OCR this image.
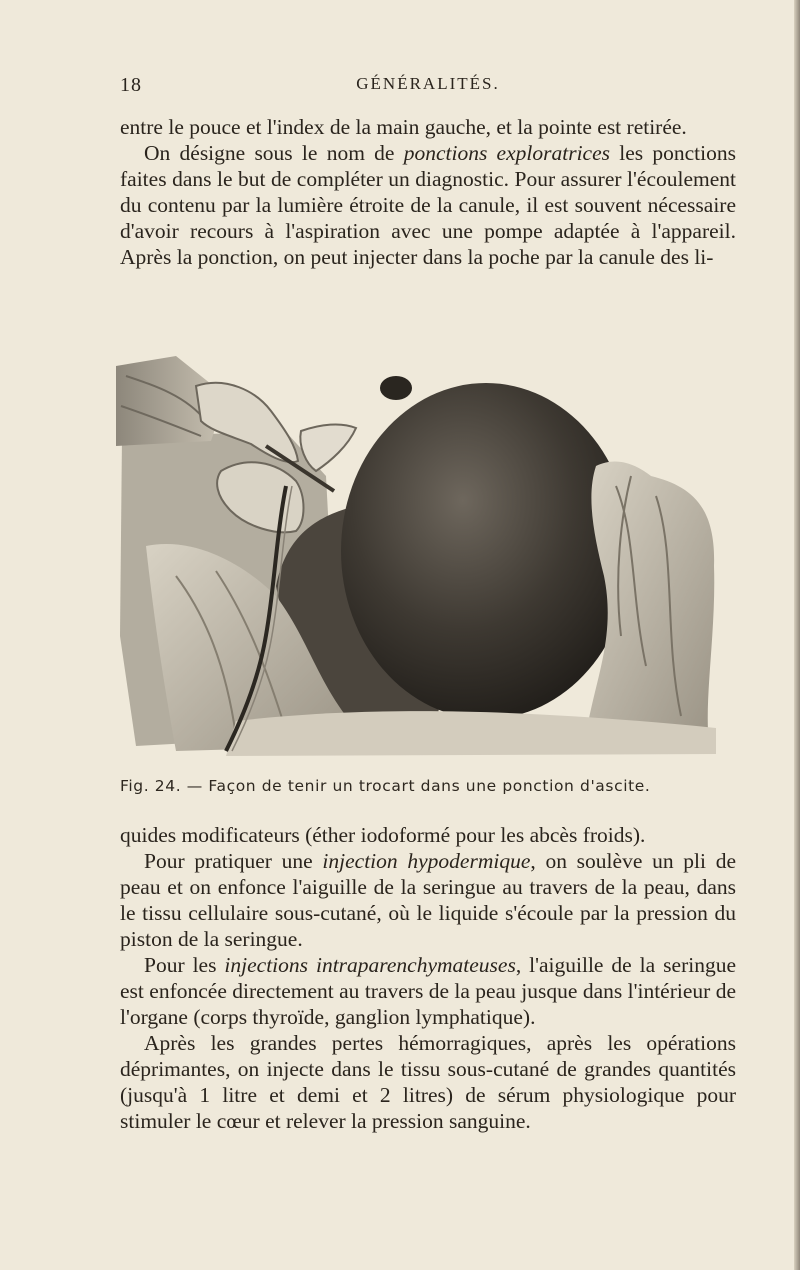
18	GÉNÉRALITÉS.

entre le pouce et l'index de la main gauche, et la pointe est retirée.

On désigne sous le nom de ponctions exploratrices les ponctions faites dans le but de compléter un diagnostic. Pour assurer l'écoulement du contenu par la lumière étroite de la canule, il est souvent nécessaire d'avoir recours à l'aspiration avec une pompe adaptée à l'appareil. Après la ponction, on peut injecter dans la poche par la canule des li-

Fig. 24. — Façon de tenir un trocart dans une ponction d'ascite.

quides modificateurs (éther iodoformé pour les abcès froids).

Pour pratiquer une injection hypodermique, on soulève un pli de peau et on enfonce l'aiguille de la seringue au travers de la peau, dans le tissu cellulaire sous-cutané, où le liquide s'écoule par la pression du piston de la seringue.

Pour les injections intraparenchymateuses, l'aiguille de la seringue est enfoncée directement au travers de la peau jusque dans l'intérieur de l'organe (corps thyroïde, ganglion lymphatique).

Après les grandes pertes hémorragiques, après les opérations déprimantes, on injecte dans le tissu sous-cutané de grandes quantités (jusqu'à 1 litre et demi et 2 litres) de sérum physiologique pour stimuler le cœur et relever la pression sanguine.
